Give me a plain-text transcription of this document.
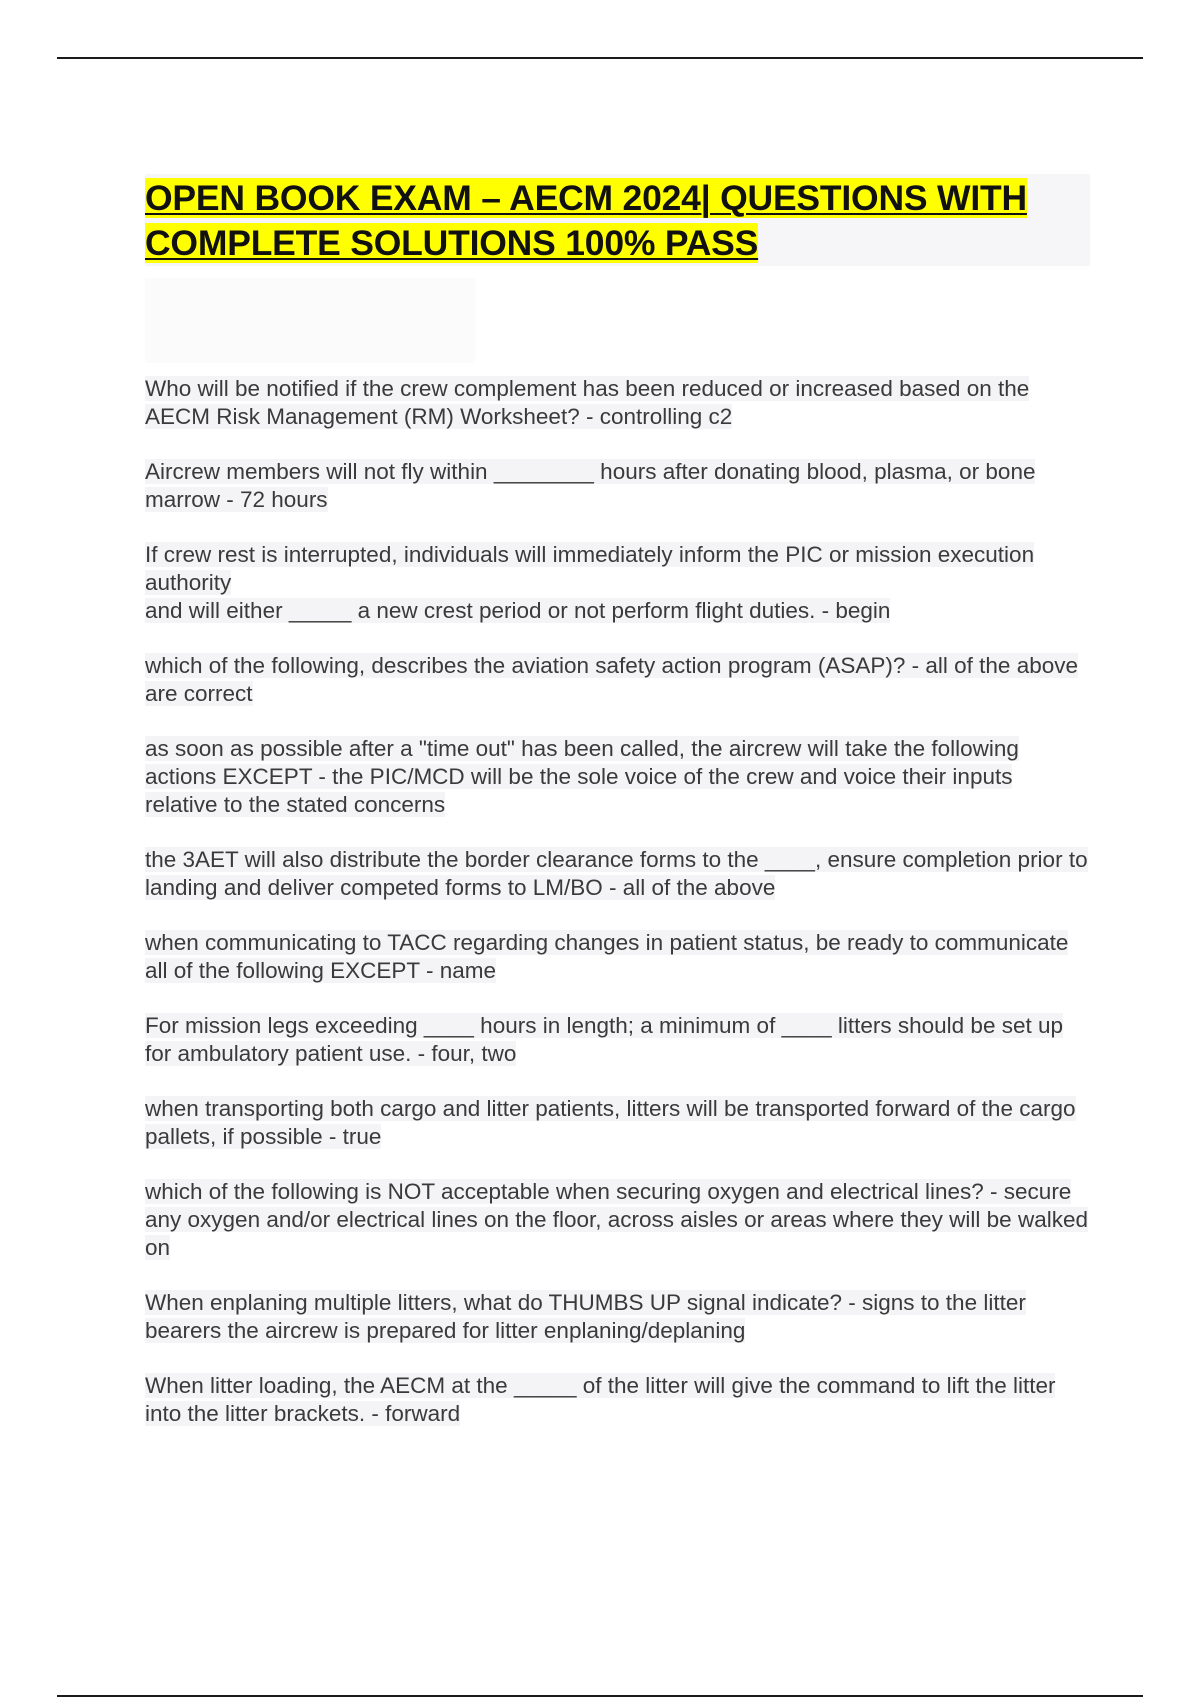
OPEN BOOK EXAM – AECM 2024| QUESTIONS WITH COMPLETE SOLUTIONS 100% PASS
Who will be notified if the crew complement has been reduced or increased based on the AECM Risk Management (RM) Worksheet? - controlling c2
Aircrew members will not fly within ________ hours after donating blood, plasma, or bone marrow - 72 hours
If crew rest is interrupted, individuals will immediately inform the PIC or mission execution authority
and will either _____ a new crest period or not perform flight duties. - begin
which of the following, describes the aviation safety action program (ASAP)? - all of the above are correct
as soon as possible after a "time out" has been called, the aircrew will take the following actions EXCEPT - the PIC/MCD will be the sole voice of the crew and voice their inputs relative to the stated concerns
the 3AET will also distribute the border clearance forms to the ____, ensure completion prior to landing and deliver competed forms to LM/BO - all of the above
when communicating to TACC regarding changes in patient status, be ready to communicate all of the following EXCEPT - name
For mission legs exceeding ____ hours in length; a minimum of ____ litters should be set up for ambulatory patient use. - four, two
when transporting both cargo and litter patients, litters will be transported forward of the cargo pallets, if possible - true
which of the following is NOT acceptable when securing oxygen and electrical lines? - secure any oxygen and/or electrical lines on the floor, across aisles or areas where they will be walked on
When enplaning multiple litters, what do THUMBS UP signal indicate? - signs to the litter bearers the aircrew is prepared for litter enplaning/deplaning
When litter loading, the AECM at the _____ of the litter will give the command to lift the litter into the litter brackets. - forward
